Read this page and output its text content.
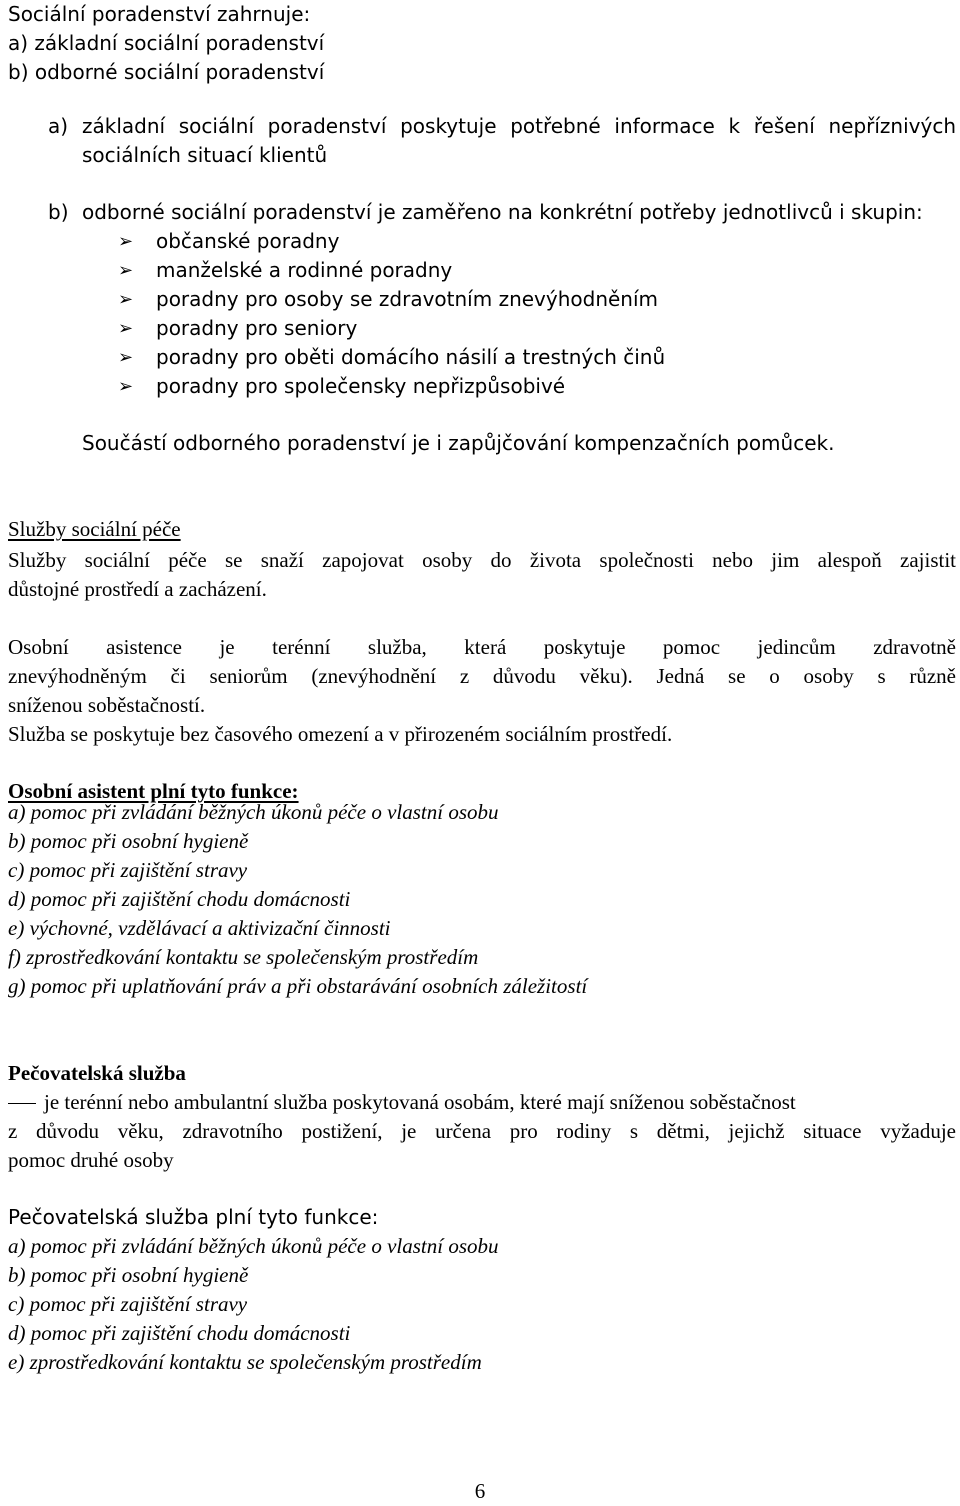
Sociální poradenství zahrnuje:
a) základní sociální poradenství
b) odborné sociální poradenství
a) základní sociální poradenství poskytuje potřebné informace k řešení nepříznivých
sociálních situací klientů
b) odborné sociální poradenství je zaměřeno na konkrétní potřeby jednotlivců i skupin:
➢	občanské poradny
➢	manželské a rodinné poradny
➢	poradny pro osoby se zdravotním znevýhodněním
➢	poradny pro seniory
➢	poradny pro oběti domácího násilí a trestných činů
➢	poradny pro společensky nepřizpůsobivé
Součástí odborného poradenství je i zapůjčování kompenzačních pomůcek.
Služby sociální péče
Služby sociální péče se snaží zapojovat osoby do života společnosti nebo jim alespoň zajistit
důstojné prostředí a zacházení.
Osobní asistence je terénní služba, která poskytuje pomoc jedincům zdravotně
znevýhodněným či seniorům (znevýhodnění z důvodu věku). Jedná se o osoby s různě
sníženou soběstačností.
Služba se poskytuje bez časového omezení a v přirozeném sociálním prostředí.
Osobní asistent plní tyto funkce:
a) pomoc při zvládání běžných úkonů péče o vlastní osobu
b) pomoc při osobní hygieně
c) pomoc při zajištění stravy
d) pomoc při zajištění chodu domácnosti
e) výchovné, vzdělávací a aktivizační činnosti
f) zprostředkování kontaktu se společenským prostředím
g) pomoc při uplatňování práv a při obstarávání osobních záležitostí
Pečovatelská služba
je terénní nebo ambulantní služba poskytovaná osobám, které mají sníženou soběstačnost
z důvodu věku, zdravotního postižení, je určena pro rodiny s dětmi, jejichž situace vyžaduje
pomoc druhé osoby
Pečovatelská služba plní tyto funkce:
a) pomoc při zvládání běžných úkonů péče o vlastní osobu
b) pomoc při osobní hygieně
c) pomoc při zajištění stravy
d) pomoc při zajištění chodu domácnosti
e) zprostředkování kontaktu se společenským prostředím
6
